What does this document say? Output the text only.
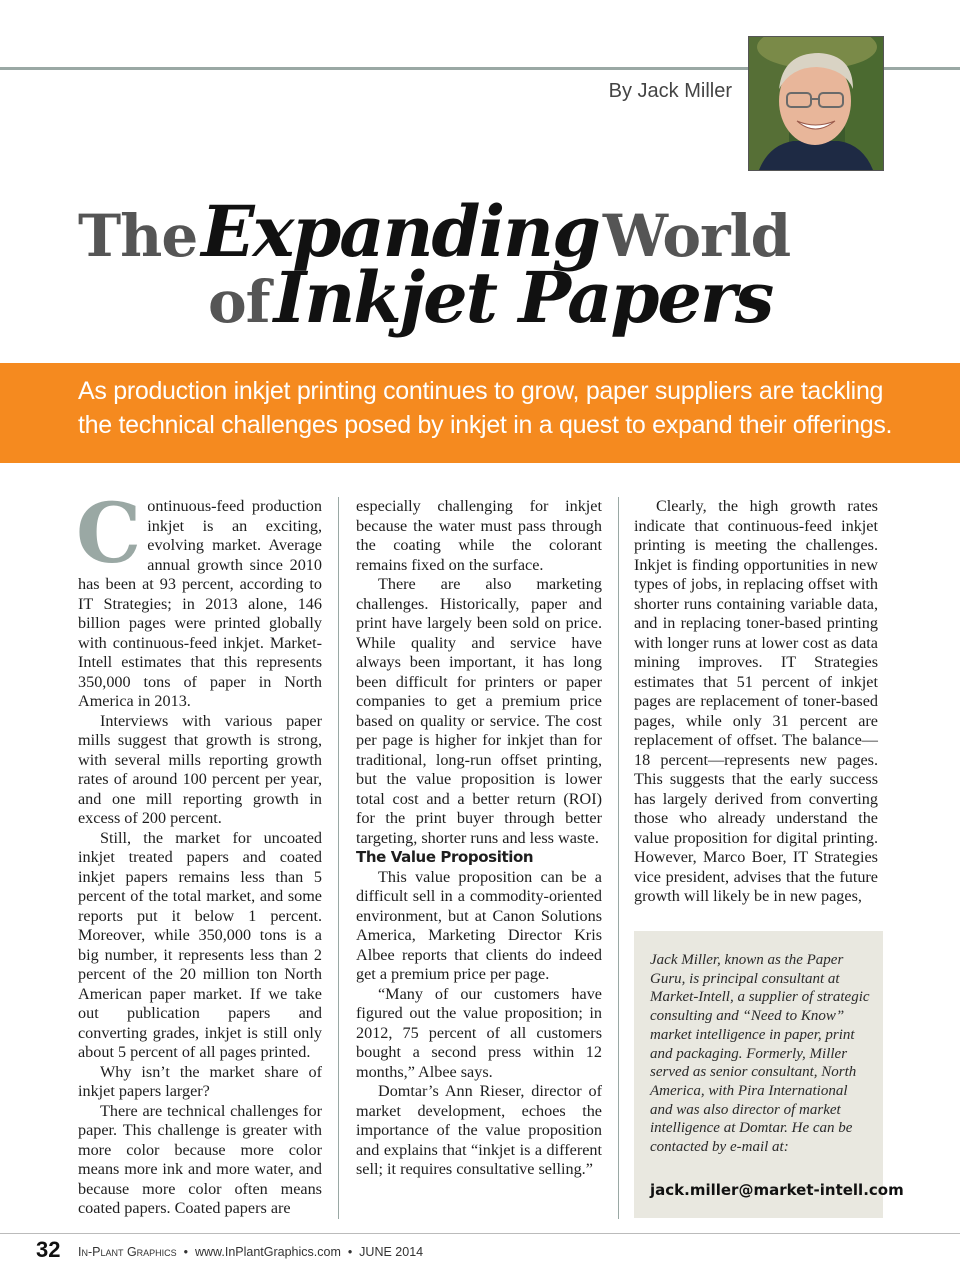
By Jack Miller
The Expanding World
of Inkjet Papers

As production inkjet printing continues to grow, paper suppliers are tackling the technical challenges posed by inkjet in a quest to expand their offerings.

Continuous-feed production inkjet is an exciting, evolving market. Average annual growth since 2010 has been at 93 percent, according to IT Strategies; in 2013 alone, 146 billion pages were printed globally with continuous-feed inkjet. Market-Intell estimates that this represents 350,000 tons of paper in North America in 2013.

Interviews with various paper mills suggest that growth is strong, with several mills reporting growth rates of around 100 percent per year, and one mill reporting growth in excess of 200 percent.

Still, the market for uncoated inkjet treated papers and coated inkjet papers remains less than 5 percent of the total market, and some reports put it below 1 percent. Moreover, while 350,000 tons is a big number, it represents less than 2 percent of the 20 million ton North American paper market. If we take out publication papers and converting grades, inkjet is still only about 5 percent of all pages printed.

Why isn’t the market share of inkjet papers larger?

There are technical challenges for paper. This challenge is greater with more color because more color means more ink and more water, and because more color often means coated papers. Coated papers are

especially challenging for inkjet because the water must pass through the coating while the colorant remains fixed on the surface.

There are also marketing challenges. Historically, paper and print have largely been sold on price. While quality and service have always been important, it has long been difficult for printers or paper companies to get a premium price based on quality or service. The cost per page is higher for inkjet than for traditional, long-run offset printing, but the value proposition is lower total cost and a better return (ROI) for the print buyer through better targeting, shorter runs and less waste.

The Value Proposition

This value proposition can be a difficult sell in a commodity-oriented environment, but at Canon Solutions America, Marketing Director Kris Albee reports that clients do indeed get a premium price per page.

“Many of our customers have figured out the value proposition; in 2012, 75 percent of all customers bought a second press within 12 months,” Albee says.

Domtar’s Ann Rieser, director of market development, echoes the importance of the value proposition and explains that “inkjet is a different sell; it requires consultative selling.”

Clearly, the high growth rates indicate that continuous-feed inkjet printing is meeting the challenges. Inkjet is finding opportunities in new types of jobs, in replacing offset with shorter runs containing variable data, and in replacing toner-based printing with longer runs at lower cost as data mining improves. IT Strategies estimates that 51 percent of inkjet pages are replacement of toner-based pages, while only 31 percent are replacement of offset. The balance—18 percent—represents new pages. This suggests that the early success has largely derived from converting those who already understand the value proposition for digital printing. However, Marco Boer, IT Strategies vice president, advises that the future growth will likely be in new pages,

Jack Miller, known as the Paper Guru, is principal consultant at Market-Intell, a supplier of strategic consulting and “Need to Know” market intelligence in paper, print and packaging. Formerly, Miller served as senior consultant, North America, with Pira International and was also director of market intelligence at Domtar. He can be contacted by e-mail at:
jack.miller@market-intell.com
32 In-Plant Graphics • www.InPlantGraphics.com • JUNE 2014
